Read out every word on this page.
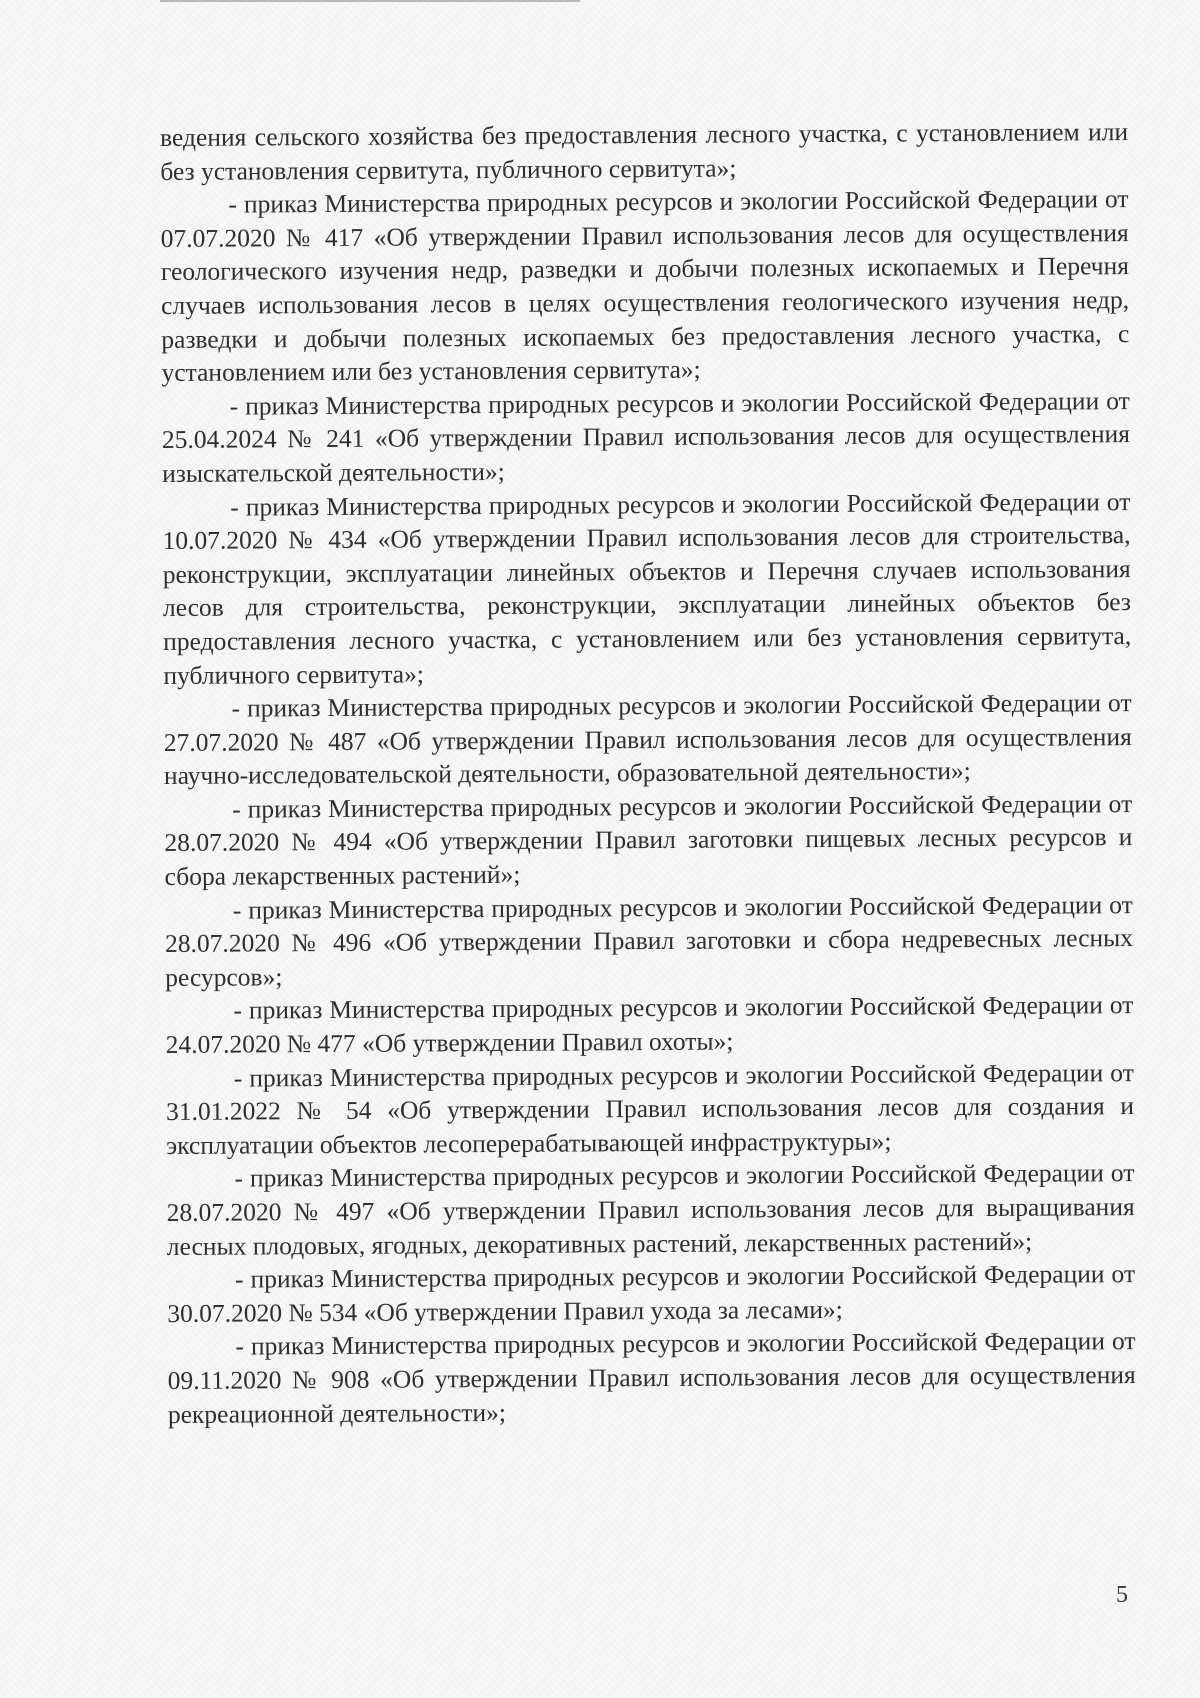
ведения сельского хозяйства без предоставления лесного участка, с установлением или без установления сервитута, публичного сервитута»;

- приказ Министерства природных ресурсов и экологии Российской Федерации от 07.07.2020 № 417 «Об утверждении Правил использования лесов для осуществления геологического изучения недр, разведки и добычи полезных ископаемых и Перечня случаев использования лесов в целях осуществления геологического изучения недр, разведки и добычи полезных ископаемых без предоставления лесного участка, с установлением или без установления сервитута»;

- приказ Министерства природных ресурсов и экологии Российской Федерации от 25.04.2024 № 241 «Об утверждении Правил использования лесов для осуществления изыскательской деятельности»;

- приказ Министерства природных ресурсов и экологии Российской Федерации от 10.07.2020 № 434 «Об утверждении Правил использования лесов для строительства, реконструкции, эксплуатации линейных объектов и Перечня случаев использования лесов для строительства, реконструкции, эксплуатации линейных объектов без предоставления лесного участка, с установлением или без установления сервитута, публичного сервитута»;

- приказ Министерства природных ресурсов и экологии Российской Федерации от 27.07.2020 № 487 «Об утверждении Правил использования лесов для осуществления научно-исследовательской деятельности, образовательной деятельности»;

- приказ Министерства природных ресурсов и экологии Российской Федерации от 28.07.2020 № 494 «Об утверждении Правил заготовки пищевых лесных ресурсов и сбора лекарственных растений»;

- приказ Министерства природных ресурсов и экологии Российской Федерации от 28.07.2020 № 496 «Об утверждении Правил заготовки и сбора недревесных лесных ресурсов»;

- приказ Министерства природных ресурсов и экологии Российской Федерации от 24.07.2020 № 477 «Об утверждении Правил охоты»;

- приказ Министерства природных ресурсов и экологии Российской Федерации от 31.01.2022 № 54 «Об утверждении Правил использования лесов для создания и эксплуатации объектов лесоперерабатывающей инфраструктуры»;

- приказ Министерства природных ресурсов и экологии Российской Федерации от 28.07.2020 № 497 «Об утверждении Правил использования лесов для выращивания лесных плодовых, ягодных, декоративных растений, лекарственных растений»;

- приказ Министерства природных ресурсов и экологии Российской Федерации от 30.07.2020 № 534 «Об утверждении Правил ухода за лесами»;

- приказ Министерства природных ресурсов и экологии Российской Федерации от 09.11.2020 № 908 «Об утверждении Правил использования лесов для осуществления рекреационной деятельности»;

5
